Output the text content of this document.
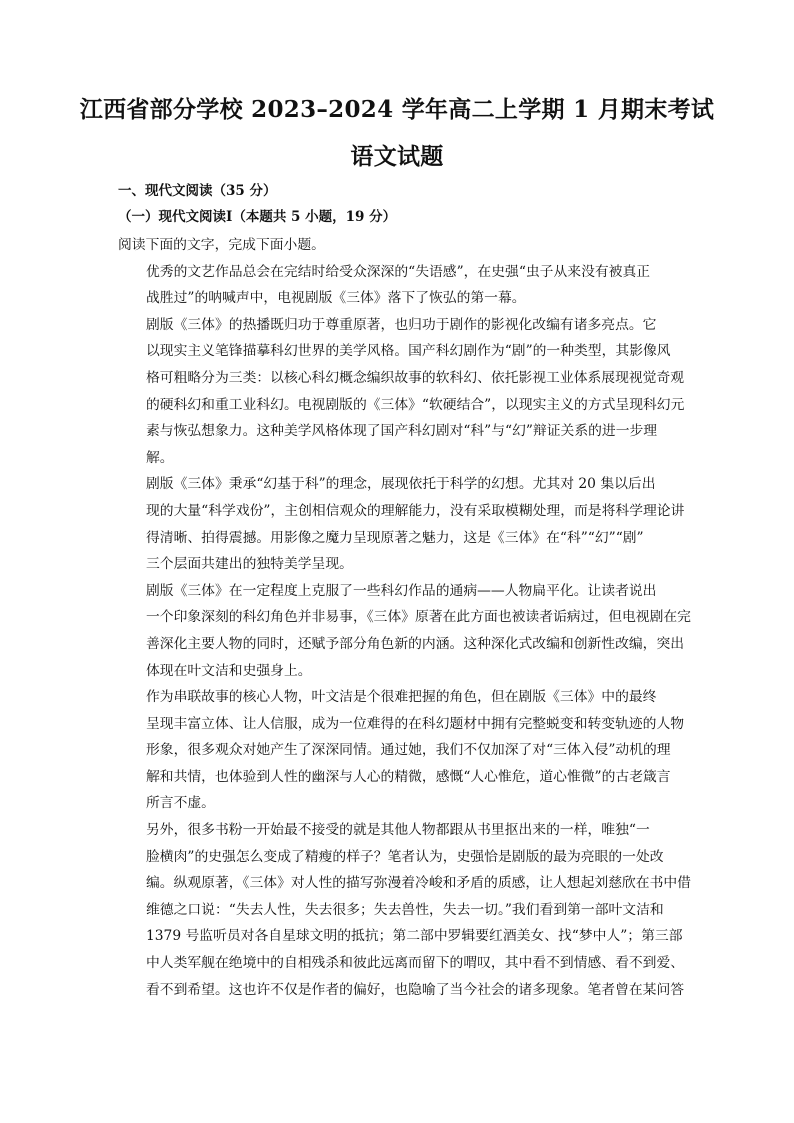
江西省部分学校 2023–2024 学年高二上学期 1 月期末考试
语文试题
一、现代文阅读（35 分）
（一）现代文阅读Ⅰ（本题共 5 小题，19 分）

阅读下面的文字，完成下面小题。

优秀的文艺作品总会在完结时给受众深深的“失语感”，在史强“虫子从来没有被真正
战胜过”的呐喊声中，电视剧版《三体》落下了恢弘的第一幕。

剧版《三体》的热播既归功于尊重原著，也归功于剧作的影视化改编有诸多亮点。它
以现实主义笔锋描摹科幻世界的美学风格。国产科幻剧作为“剧”的一种类型，其影像风
格可粗略分为三类：以核心科幻概念编织故事的软科幻、依托影视工业体系展现视觉奇观
的硬科幻和重工业科幻。电视剧版的《三体》“软硬结合”，以现实主义的方式呈现科幻元
素与恢弘想象力。这种美学风格体现了国产科幻剧对“科”与“幻”辩证关系的进一步理
解。

剧版《三体》秉承“幻基于科”的理念，展现依托于科学的幻想。尤其对 20 集以后出
现的大量“科学戏份”，主创相信观众的理解能力，没有采取模糊处理，而是将科学理论讲
得清晰、拍得震撼。用影像之魔力呈现原著之魅力，这是《三体》在“科”“幻”“剧”
三个层面共建出的独特美学呈现。

剧版《三体》在一定程度上克服了一些科幻作品的通病——人物扁平化。让读者说出
一个印象深刻的科幻角色并非易事，《三体》原著在此方面也被读者诟病过，但电视剧在完
善深化主要人物的同时，还赋予部分角色新的内涵。这种深化式改编和创新性改编，突出
体现在叶文洁和史强身上。

作为串联故事的核心人物，叶文洁是个很难把握的角色，但在剧版《三体》中的最终
呈现丰富立体、让人信服，成为一位难得的在科幻题材中拥有完整蜕变和转变轨迹的人物
形象，很多观众对她产生了深深同情。通过她，我们不仅加深了对“三体入侵”动机的理
解和共情，也体验到人性的幽深与人心的精微，感慨“人心惟危，道心惟微”的古老箴言
所言不虚。

另外，很多书粉一开始最不接受的就是其他人物都跟从书里抠出来的一样，唯独“一
脸横肉”的史强怎么变成了精瘦的样子？笔者认为，史强恰是剧版的最为亮眼的一处改
编。纵观原著，《三体》对人性的描写弥漫着冷峻和矛盾的质感，让人想起刘慈欣在书中借
维德之口说：“失去人性，失去很多；失去兽性，失去一切。”我们看到第一部叶文洁和
1379 号监听员对各自星球文明的抵抗；第二部中罗辑要红酒美女、找“梦中人”；第三部
中人类军舰在绝境中的自相残杀和彼此远离而留下的喟叹，其中看不到情感、看不到爱、
看不到希望。这也许不仅是作者的偏好，也隐喻了当今社会的诸多现象。笔者曾在某问答
